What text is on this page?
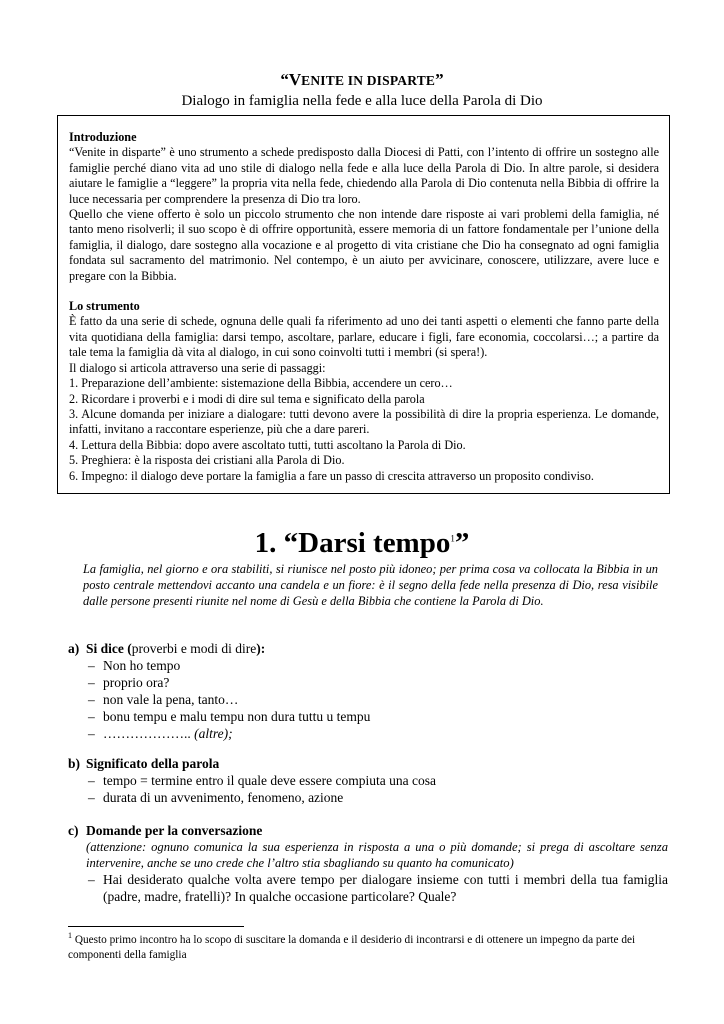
“VENITE IN DISPARTE”
Dialogo in famiglia nella fede e alla luce della Parola di Dio

Introduzione

“Venite in disparte” è uno strumento a schede predisposto dalla Diocesi di Patti, con l’intento di offrire un sostegno alle famiglie perché diano vita ad uno stile di dialogo nella fede e alla luce della Parola di Dio. In altre parole, si desidera aiutare le famiglie a “leggere” la propria vita nella fede, chiedendo alla Parola di Dio contenuta nella Bibbia di offrire la luce necessaria per comprendere la presenza di Dio tra loro.

Quello che viene offerto è solo un piccolo strumento che non intende dare risposte ai vari problemi della famiglia, né tanto meno risolverli; il suo scopo è di offrire opportunità, essere memoria di un fattore fondamentale per l’unione della famiglia, il dialogo, dare sostegno alla vocazione e al progetto di vita cristiane che Dio ha consegnato ad ogni famiglia fondata sul sacramento del matrimonio. Nel contempo, è un aiuto per avvicinare, conoscere, utilizzare, avere luce e pregare con la Bibbia.

Lo strumento

È fatto da una serie di schede, ognuna delle quali fa riferimento ad uno dei tanti aspetti o elementi che fanno parte della vita quotidiana della famiglia: darsi tempo, ascoltare, parlare, educare i figli, fare economia, coccolarsi…; a partire da tale tema la famiglia dà vita al dialogo, in cui sono coinvolti tutti i membri (si spera!).

Il dialogo si articola attraverso una serie di passaggi:

1. Preparazione dell’ambiente: sistemazione della Bibbia, accendere un cero…

2. Ricordare i proverbi e i modi di dire sul tema e significato della parola

3. Alcune domanda per iniziare a dialogare: tutti devono avere la possibilità di dire la propria esperienza. Le domande, infatti, invitano a raccontare esperienze, più che a dare pareri.

4. Lettura della Bibbia: dopo avere ascoltato tutti, tutti ascoltano la Parola di Dio.

5. Preghiera: è la risposta dei cristiani alla Parola di Dio.

6. Impegno: il dialogo deve portare la famiglia a fare un passo di crescita attraverso un proposito condiviso.

1. “Darsi tempo$^1$”
La famiglia, nel giorno e ora stabiliti, si riunisce nel posto più idoneo; per prima cosa va collocata la Bibbia in un posto centrale mettendovi accanto una candela e un fiore: è il segno della fede nella presenza di Dio, resa visibile dalle persone presenti riunite nel nome di Gesù e della Bibbia che contiene la Parola di Dio.
a) Si dice (proverbi e modi di dire):
– Non ho tempo
– proprio ora?
– non vale la pena, tanto…
– bonu tempu e malu tempu non dura tuttu u tempu
– ……………….. (altre);
b) Significato della parola
– tempo = termine entro il quale deve essere compiuta una cosa
– durata di un avvenimento, fenomeno, azione
c) Domande per la conversazione
(attenzione: ognuno comunica la sua esperienza in risposta a una o più domande; si prega di ascoltare senza intervenire, anche se uno crede che l’altro stia sbagliando su quanto ha comunicato)
– Hai desiderato qualche volta avere tempo per dialogare insieme con tutti i membri della tua famiglia (padre, madre, fratelli)? In qualche occasione particolare? Quale?
$^1$ Questo primo incontro ha lo scopo di suscitare la domanda e il desiderio di incontrarsi e di ottenere un impegno da parte dei componenti della famiglia
